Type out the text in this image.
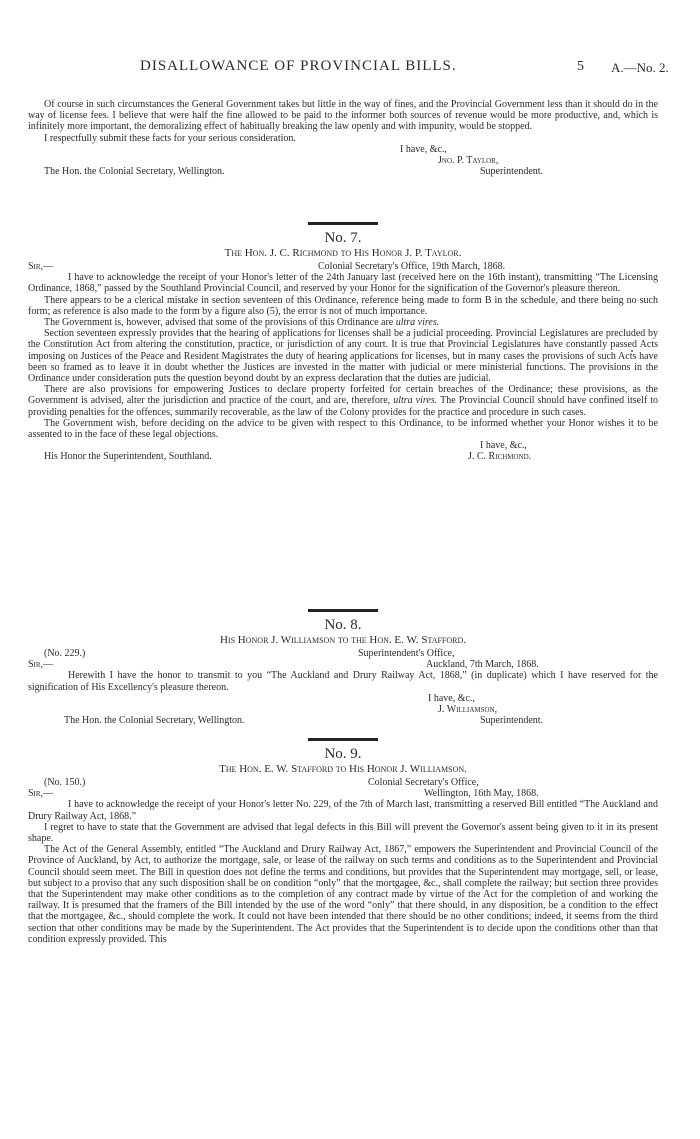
DISALLOWANCE OF PROVINCIAL BILLS.	5 A.—No. 2.

Of course in such circumstances the General Government takes but little in the way of fines, and the Provincial Government less than it should do in the way of license fees. I believe that were half the fine allowed to be paid to the informer both sources of revenue would be more productive, and, which is infinitely more important, the demoralizing effect of habitually breaking the law openly and with impunity, would be stopped.

I respectfully submit these facts for your serious consideration.

I have, &c.,
Jno. P. Taylor,
The Hon. the Colonial Secretary, Wellington.	Superintendent.
No. 7.
The Hon. J. C. Richmond to His Honor J. P. Taylor.
Sir,—	Colonial Secretary's Office, 19th March, 1868.

I have to acknowledge the receipt of your Honor's letter of the 24th January last (received here on the 16th instant), transmitting “The Licensing Ordinance, 1868,” passed by the Southland Provincial Council, and reserved by your Honor for the signification of the Governor's pleasure thereon.

There appears to be a clerical mistake in section seventeen of this Ordinance, reference being made to form B in the schedule, and there being no such form; as reference is also made to the form by a figure also (5), the error is not of much importance.

The Government is, however, advised that some of the provisions of this Ordinance are ultra vires.

Section seventeen expressly provides that the hearing of applications for licenses shall be a judicial proceeding. Provincial Legislatures are precluded by the Constitution Act from altering the constitution, practice, or jurisdiction of any court. It is true that Provincial Legislatures have constantly passed Acts imposing on Justices of the Peace and Resident Magistrates the duty of hearing applications for licenses, but in many cases the provisions of such Acts have been so framed as to leave it in doubt whether the Justices are invested in the matter with judicial or mere ministerial functions. The provisions in the Ordinance under consideration puts the question beyond doubt by an express declaration that the duties are judicial.

There are also provisions for empowering Justices to declare property forfeited for certain breaches of the Ordinance; these provisions, as the Government is advised, alter the jurisdiction and practice of the court, and are, therefore, ultra vires. The Provincial Council should have confined itself to providing penalties for the offences, summarily recoverable, as the law of the Colony provides for the practice and procedure in such cases.

The Government wish, before deciding on the advice to be given with respect to this Ordinance, to be informed whether your Honor wishes it to be assented to in the face of these legal objections.

I have, &c.,
His Honor the Superintendent, Southland.	J. C. Richmond.
No. 8.
His Honor J. Williamson to the Hon. E. W. Stafford.
(No. 229.)	Superintendent's Office,
Sir,—	Auckland, 7th March, 1868.

Herewith I have the honor to transmit to you “The Auckland and Drury Railway Act, 1868,” (in duplicate) which I have reserved for the signification of His Excellency's pleasure thereon.

I have, &c.,
J. Williamson,
The Hon. the Colonial Secretary, Wellington.	Superintendent.
No. 9.
The Hon. E. W. Stafford to His Honor J. Williamson.
(No. 150.)	Colonial Secretary's Office,
Sir,—	Wellington, 16th May, 1868.

I have to acknowledge the receipt of your Honor's letter No. 229, of the 7th of March last, transmitting a reserved Bill entitled “The Auckland and Drury Railway Act, 1868.”

I regret to have to state that the Government are advised that legal defects in this Bill will prevent the Governor's assent being given to it in its present shape.

The Act of the General Assembly, entitled “The Auckland and Drury Railway Act, 1867,” empowers the Superintendent and Provincial Council of the Province of Auckland, by Act, to authorize the mortgage, sale, or lease of the railway on such terms and conditions as to the Superintendent and Provincial Council should seem meet. The Bill in question does not define the terms and conditions, but provides that the Superintendent may mortgage, sell, or lease, but subject to a proviso that any such disposition shall be on condition “only” that the mortgagee, &c., shall complete the railway; but section three provides that the Superintendent may make other conditions as to the completion of any contract made by virtue of the Act for the completion of and working the railway. It is presumed that the framers of the Bill intended by the use of the word “only” that there should, in any disposition, be a condition to the effect that the mortgagee, &c., should complete the work. It could not have been intended that there should be no other conditions; indeed, it seems from the third section that other conditions may be made by the Superintendent. The Act provides that the Superintendent is to decide upon the conditions other than that condition expressly provided. This
